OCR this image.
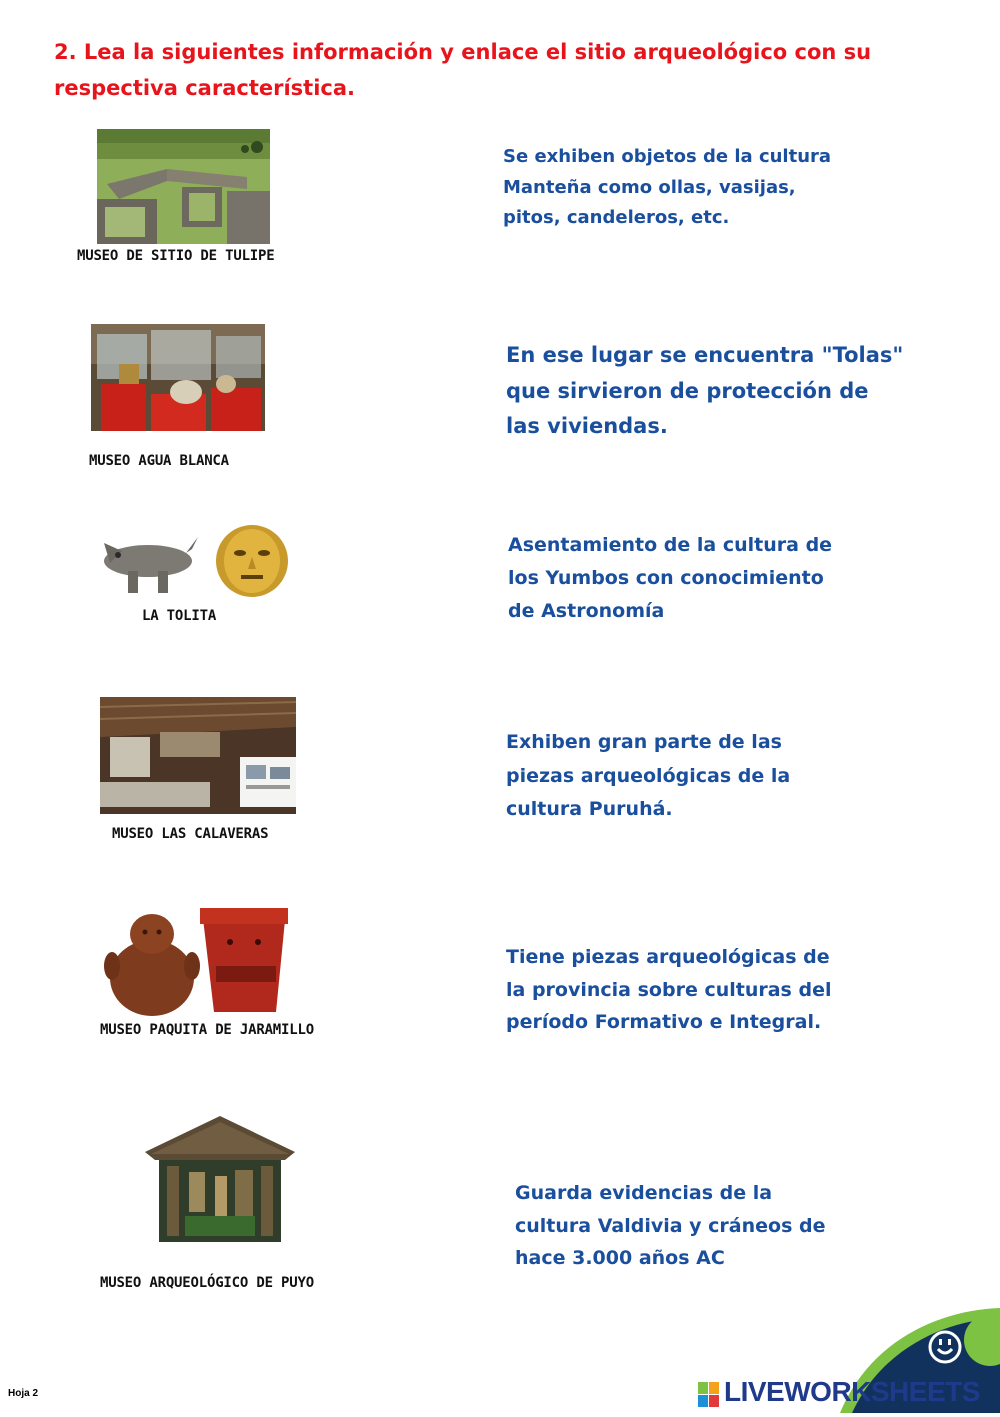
2. Lea la siguientes información y enlace el sitio arqueológico con su
respectiva característica.
MUSEO DE SITIO DE TULIPE
MUSEO AGUA BLANCA
LA TOLITA
MUSEO LAS CALAVERAS
MUSEO PAQUITA DE JARAMILLO
MUSEO ARQUEOLÓGICO DE PUYO
Se exhiben objetos de la cultura
Manteña como ollas, vasijas,
pitos, candeleros, etc.
En ese lugar se encuentra "Tolas"
que sirvieron de protección de
las viviendas.
Asentamiento de la cultura de
los Yumbos con conocimiento
de Astronomía
Exhiben gran parte de las
piezas arqueológicas de la
cultura Puruhá.
Tiene piezas arqueológicas de
la provincia sobre culturas del
período Formativo e Integral.
Guarda evidencias de la
cultura Valdivia y cráneos de
hace 3.000 años AC
Hoja 2	LIVEWORKSHEETS
